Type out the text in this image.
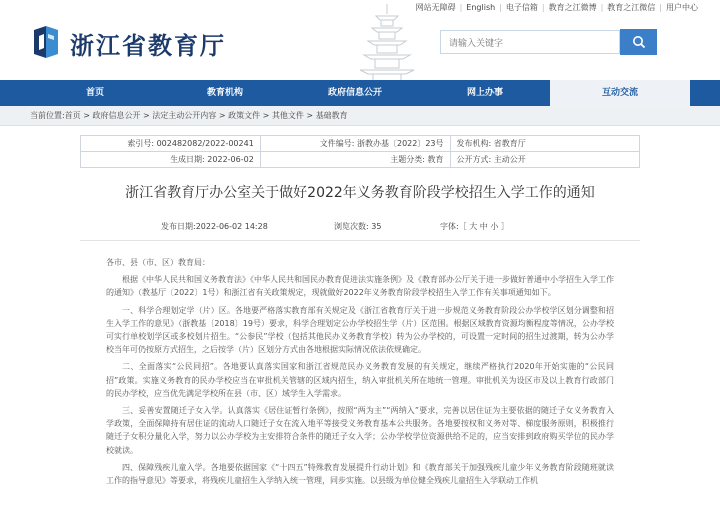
网站无障碍 | English | 电子信箱 | 教育之江微博 | 教育之江微信 | 用户中心
浙江省教育厅
请输入关键字
首页	教育机构	政府信息公开	网上办事	互动交流
当前位置:首页 > 政府信息公开 > 法定主动公开内容 > 政策文件 > 其他文件 > 基础教育
索引号: 002482082/2022-00241	文件编号: 浙教办基〔2022〕23号	发布机构: 省教育厅
生成日期: 2022-06-02	主题分类: 教育	公开方式: 主动公开
浙江省教育厅办公室关于做好2022年义务教育阶段学校招生入学工作的通知
发布日期:2022-06-02 14:28	浏览次数: 35	字体:［ 大 中 小 ］

各市、县（市、区）教育局：

根据《中华人民共和国义务教育法》《中华人民共和国民办教育促进法实施条例》及《教育部办公厅关于进一步做好普通中小学招生入学工作的通知》（教基厅〔2022〕1号）和浙江省有关政策规定，现就做好2022年义务教育阶段学校招生入学工作有关事项通知如下。

一、科学合理划定学（片）区。各地要严格落实教育部有关规定及《浙江省教育厅关于进一步规范义务教育阶段公办学校学区划分调整和招生入学工作的意见》（浙教基〔2018〕19号）要求，科学合理划定公办学校招生学（片）区范围。根据区域教育资源均衡程度等情况，公办学校可实行单校划学区或多校划片招生。“公参民”学校（包括其他民办义务教育学校）转为公办学校的，可设置一定时间的招生过渡期，转为公办学校当年可仍按原方式招生，之后按学（片）区划分方式由各地根据实际情况依法依规确定。

二、全面落实“公民同招”。各地要认真落实国家和浙江省规范民办义务教育发展的有关规定，继续严格执行2020年开始实施的“公民同招”政策。实施义务教育的民办学校应当在审批机关管辖的区域内招生，纳入审批机关所在地统一管理。审批机关为设区市及以上教育行政部门的民办学校，应当优先满足学校所在县（市、区）域学生入学需求。

三、妥善安置随迁子女入学。认真落实《居住证暂行条例》，按照“两为主”“两纳入”要求，完善以居住证为主要依据的随迁子女义务教育入学政策，全面保障持有居住证的流动人口随迁子女在流入地平等接受义务教育基本公共服务。各地要按权和义务对等、梯度服务原则，积极推行随迁子女积分量化入学，努力以公办学校为主安排符合条件的随迁子女入学；公办学校学位资源供给不足的，应当安排到政府购买学位的民办学校就读。

四、保障残疾儿童入学。各地要依据国家《“十四五”特殊教育发展提升行动计划》和《教育部关于加强残疾儿童少年义务教育阶段随班就读工作的指导意见》等要求，将残疾儿童招生入学纳入统一管理，同步实施。以县级为单位健全残疾儿童招生入学联动工作机
